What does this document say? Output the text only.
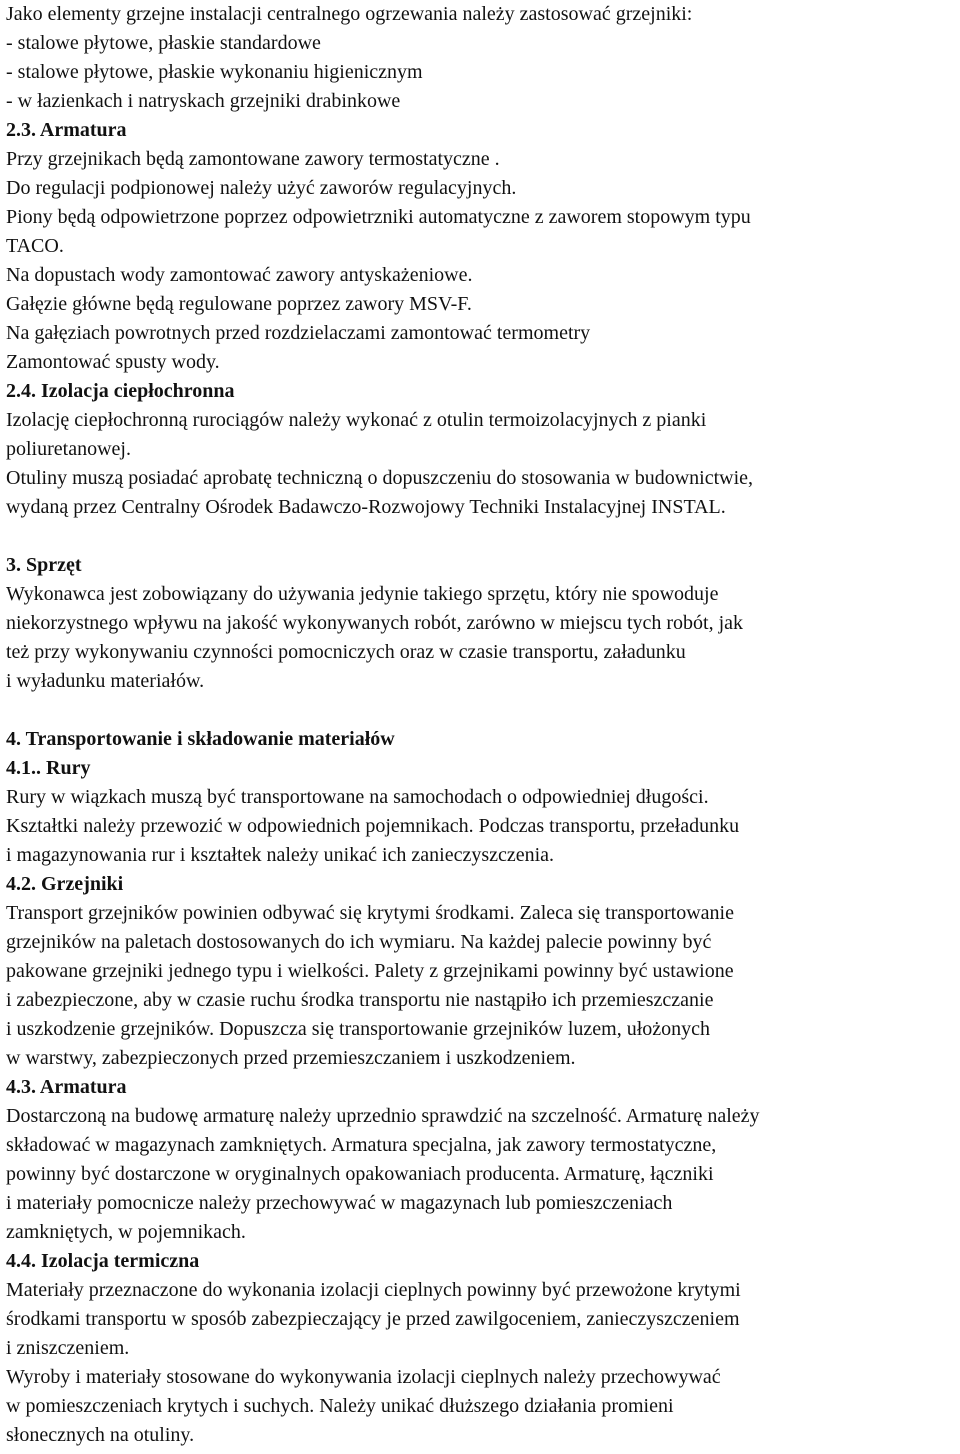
Jako elementy grzejne instalacji centralnego ogrzewania należy zastosować grzejniki:
- stalowe płytowe, płaskie standardowe
- stalowe płytowe, płaskie wykonaniu higienicznym
- w łazienkach i natryskach grzejniki drabinkowe
2.3. Armatura
Przy grzejnikach będą zamontowane zawory termostatyczne .
Do regulacji podpionowej należy użyć zaworów regulacyjnych.
Piony będą odpowietrzone poprzez odpowietrzniki automatyczne z zaworem stopowym typu
TACO.
Na dopustach wody zamontować zawory antyskażeniowe.
Gałęzie główne będą regulowane poprzez zawory MSV-F.
Na gałęziach powrotnych przed rozdzielaczami zamontować termometry
Zamontować spusty wody.
2.4. Izolacja ciepłochronna
Izolację ciepłochronną rurociągów należy wykonać z otulin termoizolacyjnych z pianki
poliuretanowej.
Otuliny muszą posiadać aprobatę techniczną o dopuszczeniu do stosowania w budownictwie,
wydaną przez Centralny Ośrodek Badawczo-Rozwojowy Techniki Instalacyjnej INSTAL.
3. Sprzęt
Wykonawca jest zobowiązany do używania jedynie takiego sprzętu, który nie spowoduje
niekorzystnego wpływu na jakość wykonywanych robót, zarówno w miejscu tych robót, jak
też przy wykonywaniu czynności pomocniczych oraz w czasie transportu, załadunku
i wyładunku materiałów.
4. Transportowanie i składowanie materiałów
4.1.. Rury
Rury w wiązkach muszą być transportowane na samochodach o odpowiedniej długości.
Kształtki należy przewozić w odpowiednich pojemnikach. Podczas transportu, przeładunku
i magazynowania rur i kształtek należy unikać ich zanieczyszczenia.
4.2. Grzejniki
Transport grzejników powinien odbywać się krytymi środkami. Zaleca się transportowanie
grzejników na paletach dostosowanych do ich wymiaru. Na każdej palecie powinny być
pakowane grzejniki jednego typu i wielkości. Palety z grzejnikami powinny być ustawione
i zabezpieczone, aby w czasie ruchu środka transportu nie nastąpiło ich przemieszczanie
i uszkodzenie grzejników. Dopuszcza się transportowanie grzejników luzem, ułożonych
w warstwy, zabezpieczonych przed przemieszczaniem i uszkodzeniem.
4.3. Armatura
Dostarczoną na budowę armaturę należy uprzednio sprawdzić na szczelność. Armaturę należy
składować w magazynach zamkniętych. Armatura specjalna, jak zawory termostatyczne,
powinny być dostarczone w oryginalnych opakowaniach producenta. Armaturę, łączniki
i materiały pomocnicze należy przechowywać w magazynach lub pomieszczeniach
zamkniętych, w pojemnikach.
4.4. Izolacja termiczna
Materiały przeznaczone do wykonania izolacji cieplnych powinny być przewożone krytymi
środkami transportu w sposób zabezpieczający je przed zawilgoceniem, zanieczyszczeniem
i zniszczeniem.
Wyroby i materiały stosowane do wykonywania izolacji cieplnych należy przechowywać
w pomieszczeniach krytych i suchych. Należy unikać dłuższego działania promieni
słonecznych na otuliny.
